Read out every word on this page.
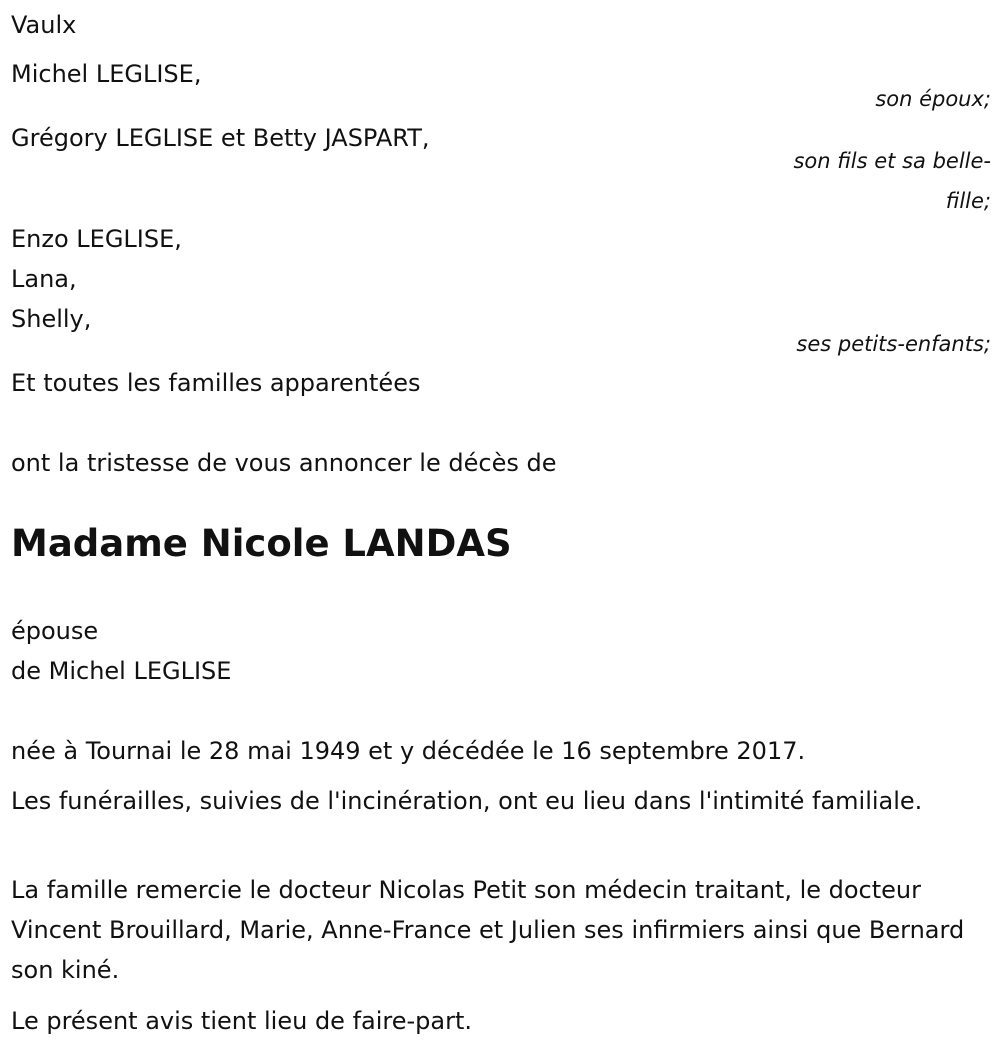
Vaulx
Michel LEGLISE,
son époux;
Grégory LEGLISE et Betty JASPART,
son fils et sa belle-
fille;
Enzo LEGLISE,
Lana,
Shelly,
ses petits-enfants;
Et toutes les familles apparentées
ont la tristesse de vous annoncer le décès de
Madame Nicole LANDAS
épouse
de Michel LEGLISE
née à Tournai le 28 mai 1949 et y décédée le 16 septembre 2017.
Les funérailles, suivies de l'incinération, ont eu lieu dans l'intimité familiale.
La famille remercie le docteur Nicolas Petit son médecin traitant, le docteur Vincent Brouillard, Marie, Anne-France et Julien ses infirmiers ainsi que Bernard son kiné.
Le présent avis tient lieu de faire-part.
